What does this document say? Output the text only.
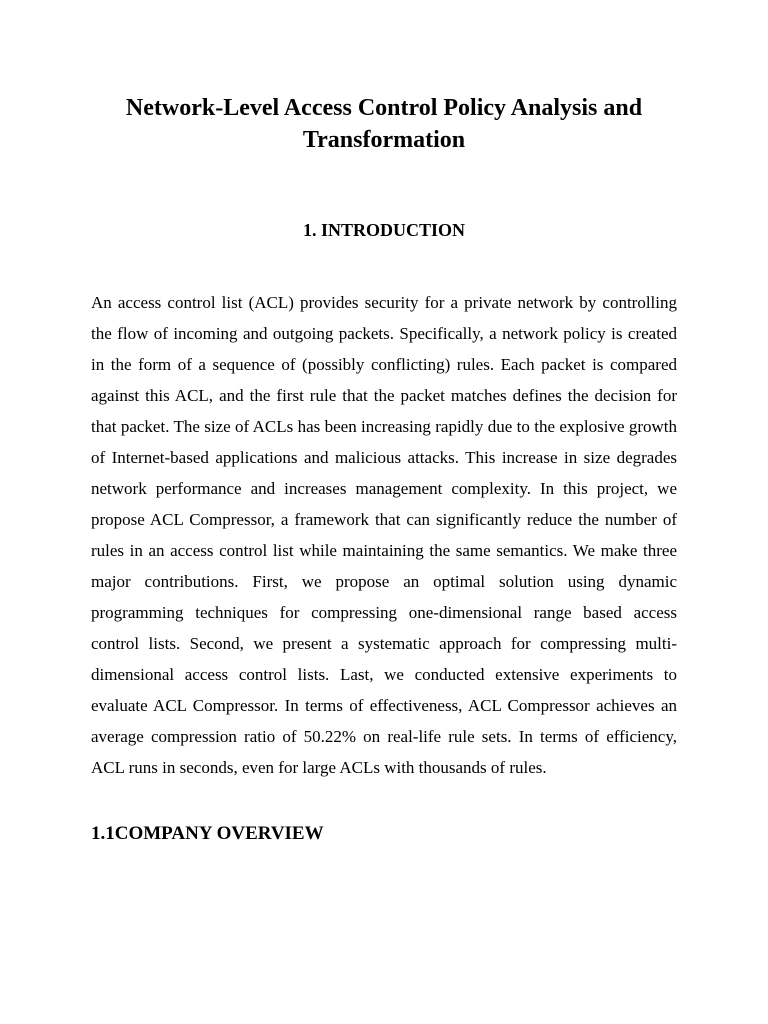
Network-Level Access Control Policy Analysis and Transformation
1. INTRODUCTION

An access control list (ACL) provides security for a private network by controlling the flow of incoming and outgoing packets. Specifically, a network policy is created in the form of a sequence of (possibly conflicting) rules. Each packet is compared against this ACL, and the first rule that the packet matches defines the decision for that packet. The size of ACLs has been increasing rapidly due to the explosive growth of Internet-based applications and malicious attacks. This increase in size degrades network performance and increases management complexity. In this project, we propose ACL Compressor, a framework that can significantly reduce the number of rules in an access control list while maintaining the same semantics. We make three major contributions. First, we propose an optimal solution using dynamic programming techniques for compressing one-dimensional range based access control lists. Second, we present a systematic approach for compressing multi-dimensional access control lists. Last, we conducted extensive experiments to evaluate ACL Compressor. In terms of effectiveness, ACL Compressor achieves an average compression ratio of 50.22% on real-life rule sets. In terms of efficiency, ACL runs in seconds, even for large ACLs with thousands of rules.

1.1COMPANY OVERVIEW
